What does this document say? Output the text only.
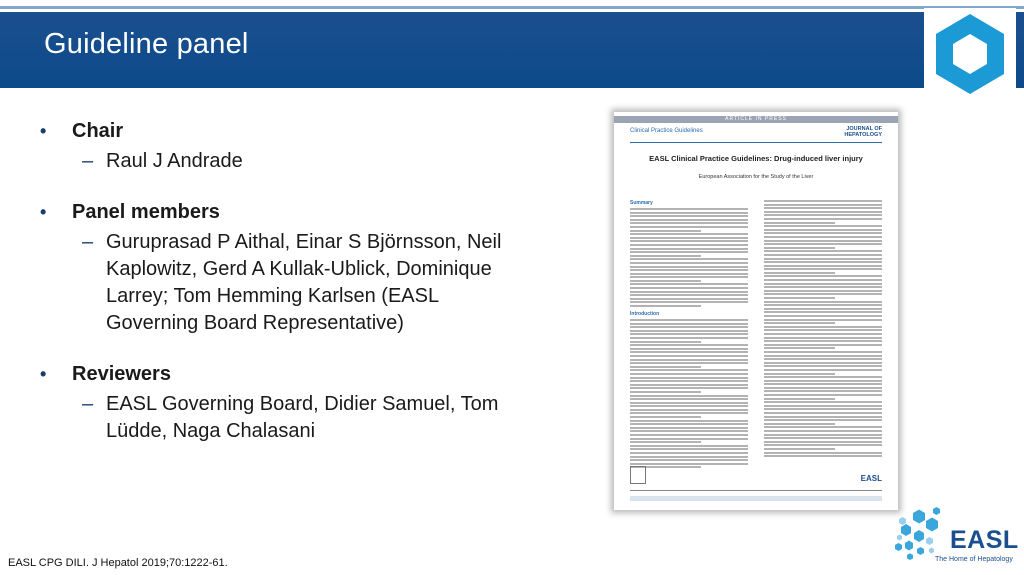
Guideline panel
•	Chair
– Raul J Andrade
•	Panel members
– Guruprasad P Aithal, Einar S Björnsson, Neil Kaplowitz, Gerd A Kullak-Ublick, Dominique Larrey; Tom Hemming Karlsen (EASL Governing Board Representative)
•	Reviewers
– EASL Governing Board, Didier Samuel, Tom Lüdde, Naga Chalasani
ARTICLE IN PRESS
Clinical Practice Guidelines	JOURNAL OF HEPATOLOGY
EASL Clinical Practice Guidelines: Drug-induced liver injury
European Association for the Study of the Liver
Summary
Introduction
EASL
EASL
The Home of Hepatology
EASL CPG DILI. J Hepatol 2019;70:1222-61.
